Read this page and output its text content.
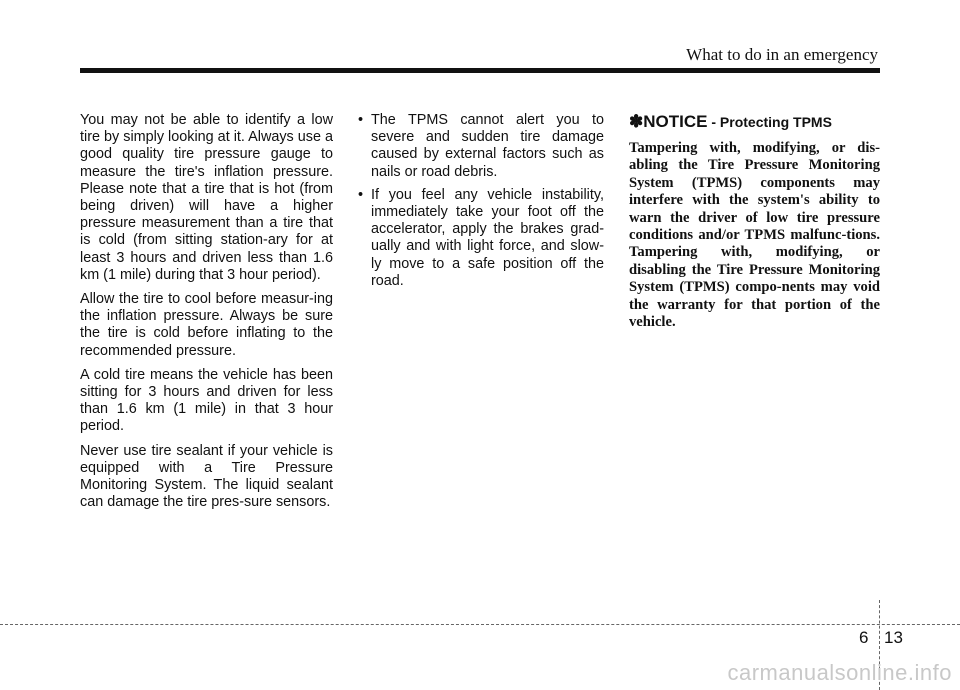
What to do in an emergency

You may not be able to identify a low tire by simply looking at it. Always use a good quality tire pressure gauge to measure the tire's inflation pressure. Please note that a tire that is hot (from being driven) will have a higher pressure measurement than a tire that is cold (from sitting station-ary for at least 3 hours and driven less than 1.6 km (1 mile) during that 3 hour period).

Allow the tire to cool before measur-ing the inflation pressure. Always be sure the tire is cold before inflating to the recommended pressure.

A cold tire means the vehicle has been sitting for 3 hours and driven for less than 1.6 km (1 mile) in that 3 hour period.

Never use tire sealant if your vehicle is equipped with a Tire Pressure Monitoring System. The liquid sealant can damage the tire pres-sure sensors.

• The TPMS cannot alert you to severe and sudden tire damage caused by external factors such as nails or road debris.
• If you feel any vehicle instability, immediately take your foot off the accelerator, apply the brakes grad-ually and with light force, and slow-ly move to a safe position off the road.

✽NOTICE - Protecting TPMS

Tampering with, modifying, or dis-abling the Tire Pressure Monitoring System (TPMS) components may interfere with the system's ability to warn the driver of low tire pressure conditions and/or TPMS malfunc-tions. Tampering with, modifying, or disabling the Tire Pressure Monitoring System (TPMS) compo-nents may void the warranty for that portion of the vehicle.

6 13
carmanualsonline.info
